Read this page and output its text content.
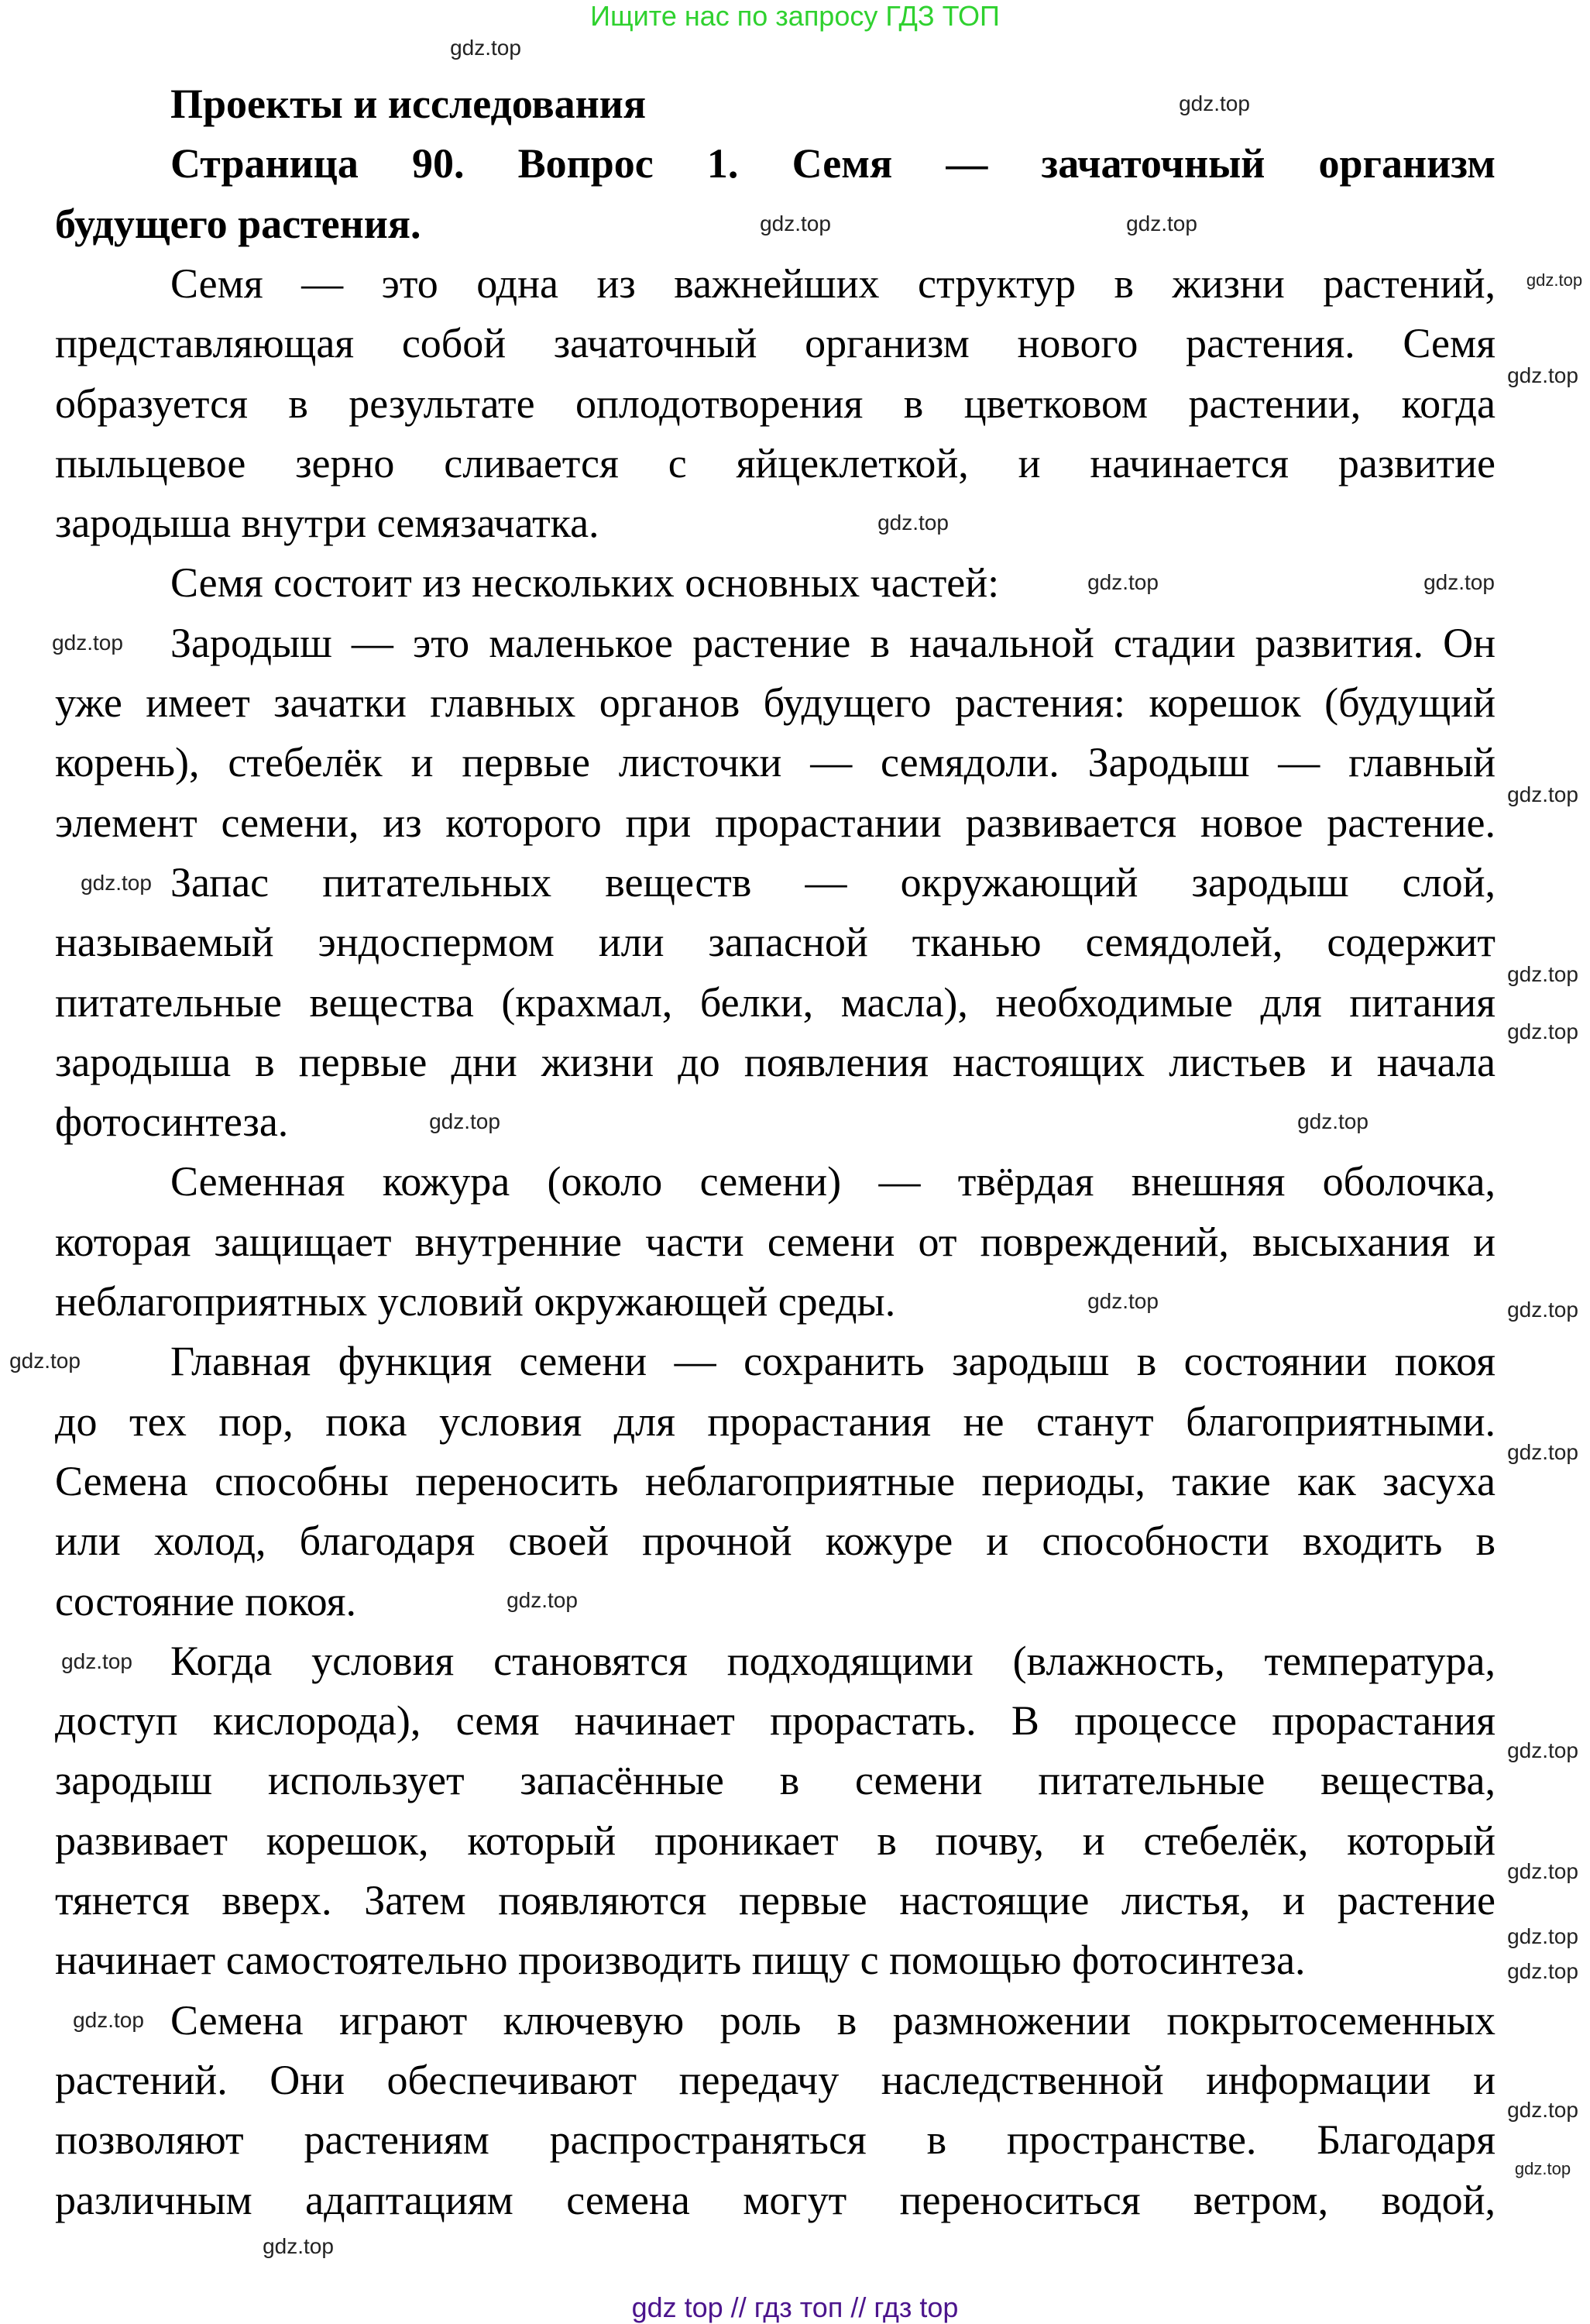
Ищите нас по запросу ГДЗ ТОП
Проекты и исследования
Страница 90. Вопрос 1. Семя — зачаточный организм
будущего растения.
Семя — это одна из важнейших структур в жизни растений,
представляющая собой зачаточный организм нового растения. Семя
образуется в результате оплодотворения в цветковом растении, когда
пыльцевое зерно сливается с яйцеклеткой, и начинается развитие
зародыша внутри семязачатка.
Семя состоит из нескольких основных частей:
Зародыш — это маленькое растение в начальной стадии развития. Он
уже имеет зачатки главных органов будущего растения: корешок (будущий
корень), стебелёк и первые листочки — семядоли. Зародыш — главный
элемент семени, из которого при прорастании развивается новое растение.
Запас питательных веществ — окружающий зародыш слой,
называемый эндоспермом или запасной тканью семядолей, содержит
питательные вещества (крахмал, белки, масла), необходимые для питания
зародыша в первые дни жизни до появления настоящих листьев и начала
фотосинтеза.
Семенная кожура (около семени) — твёрдая внешняя оболочка,
которая защищает внутренние части семени от повреждений, высыхания и
неблагоприятных условий окружающей среды.
Главная функция семени — сохранить зародыш в состоянии покоя
до тех пор, пока условия для прорастания не станут благоприятными.
Семена способны переносить неблагоприятные периоды, такие как засуха
или холод, благодаря своей прочной кожуре и способности входить в
состояние покоя.
Когда условия становятся подходящими (влажность, температура,
доступ кислорода), семя начинает прорастать. В процессе прорастания
зародыш использует запасённые в семени питательные вещества,
развивает корешок, который проникает в почву, и стебелёк, который
тянется вверх. Затем появляются первые настоящие листья, и растение
начинает самостоятельно производить пищу с помощью фотосинтеза.
Семена играют ключевую роль в размножении покрытосеменных
растений. Они обеспечивают передачу наследственной информации и
позволяют растениям распространяться в пространстве. Благодаря
различным адаптациям семена могут переноситься ветром, водой,
gdz.top
gdz.top
gdz.top
gdz.top
gdz.top
gdz.top
gdz.top
gdz.top
gdz.top
gdz.top
gdz.top
gdz.top
gdz.top
gdz.top
gdz.top
gdz.top
gdz.top	gdz.top
gdz.top
gdz.top
gdz.top
gdz.top
gdz.top
gdz.top
gdz.top
gdz.top
gdz.top
gdz.top
gdz.top
gdz.top
gdz top // гдз топ // гдз top
